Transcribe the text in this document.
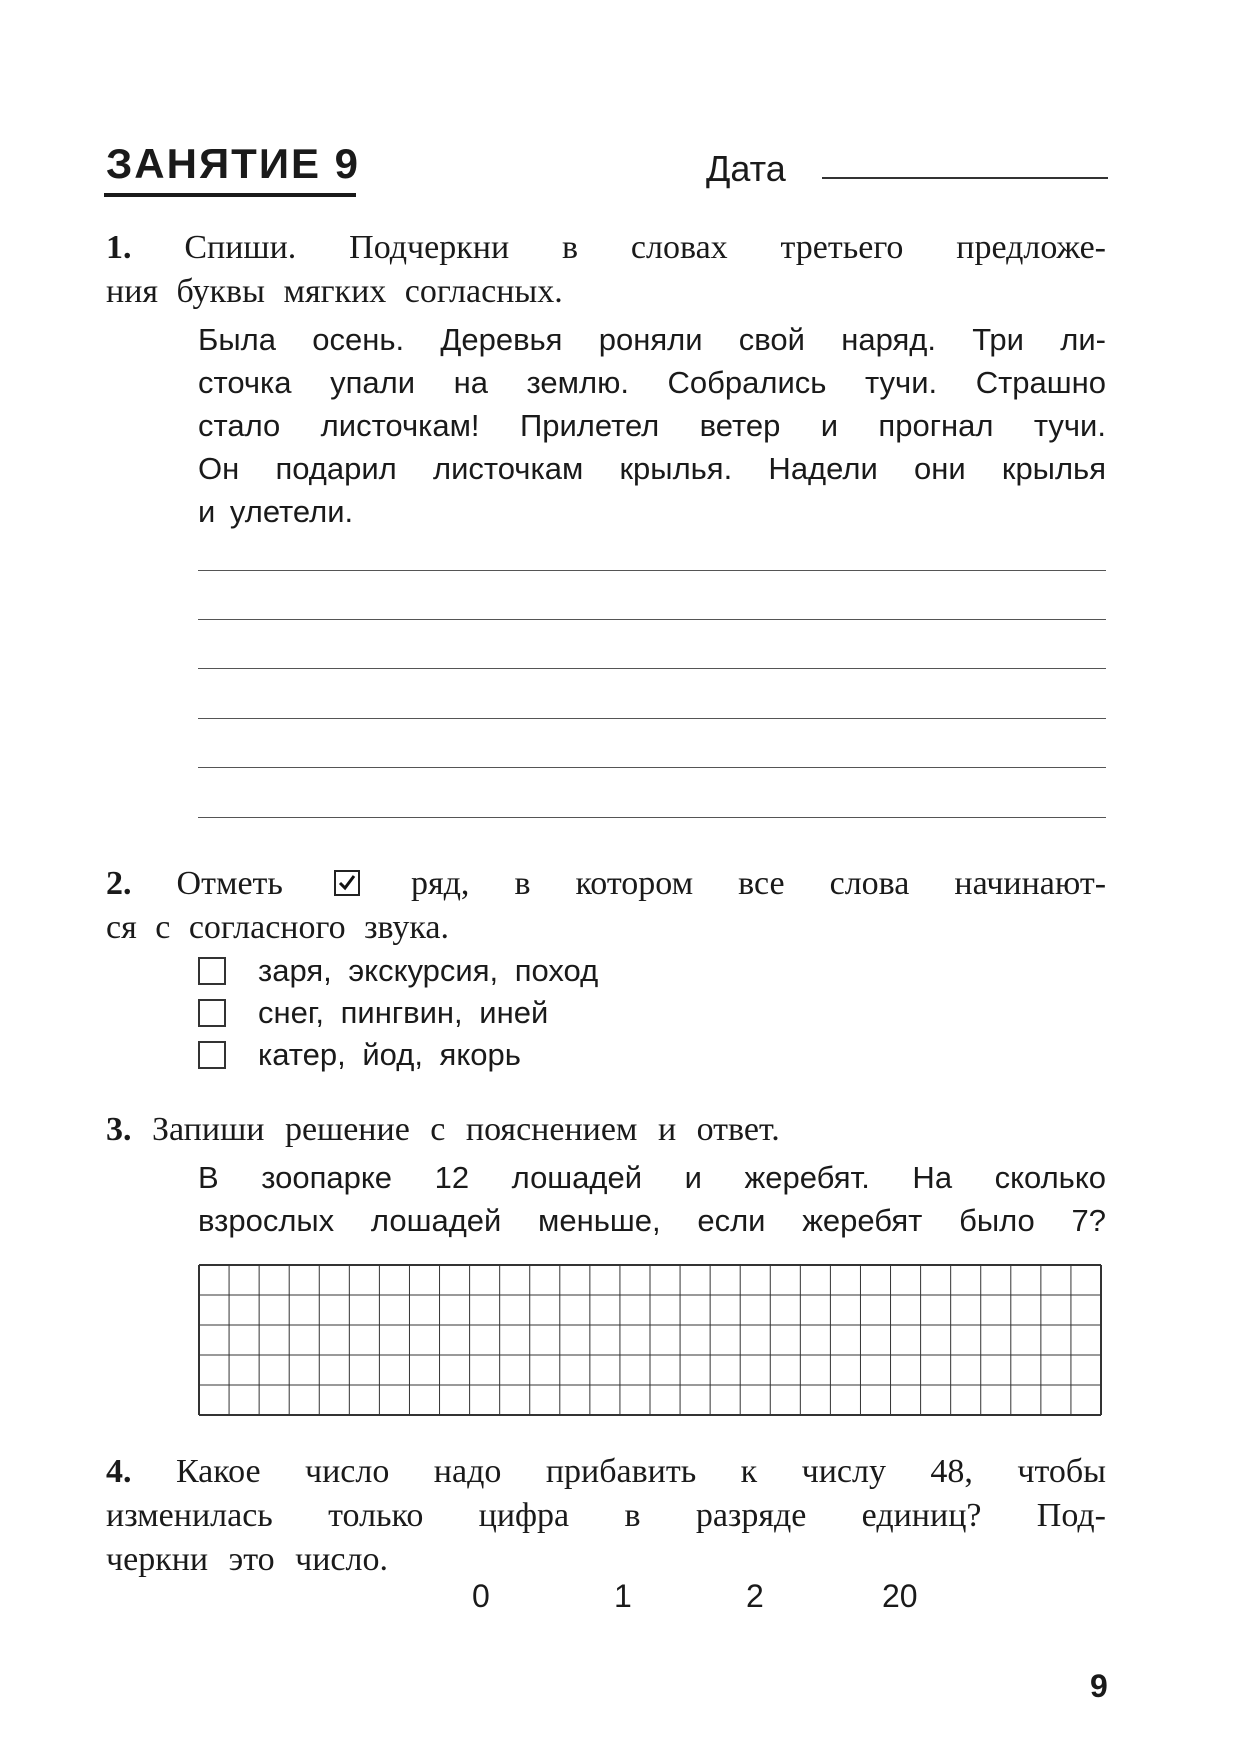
ЗАНЯТИЕ 9	Дата
1. Спиши. Подчеркни в словах третьего предложе-
ния буквы мягких согласных.
Была осень. Деревья роняли свой наряд. Три ли-
сточка упали на землю. Собрались тучи. Страшно
стало листочкам! Прилетел ветер и прогнал тучи.
Он подарил листочкам крылья. Надели они крылья
и улетели.
2. Отметь	ряд, в котором все слова начинают-
ся с согласного звука.
заря, экскурсия, поход
снег, пингвин, иней
катер, йод, якорь
3. Запиши решение с пояснением и ответ.
В зоопарке 12 лошадей и жеребят. На сколько
взрослых лошадей меньше, если жеребят было 7?
4. Какое число надо прибавить к числу 48, чтобы
изменилась только цифра в разряде единиц? Под-
черкни это число.
0	1	2	20
9
